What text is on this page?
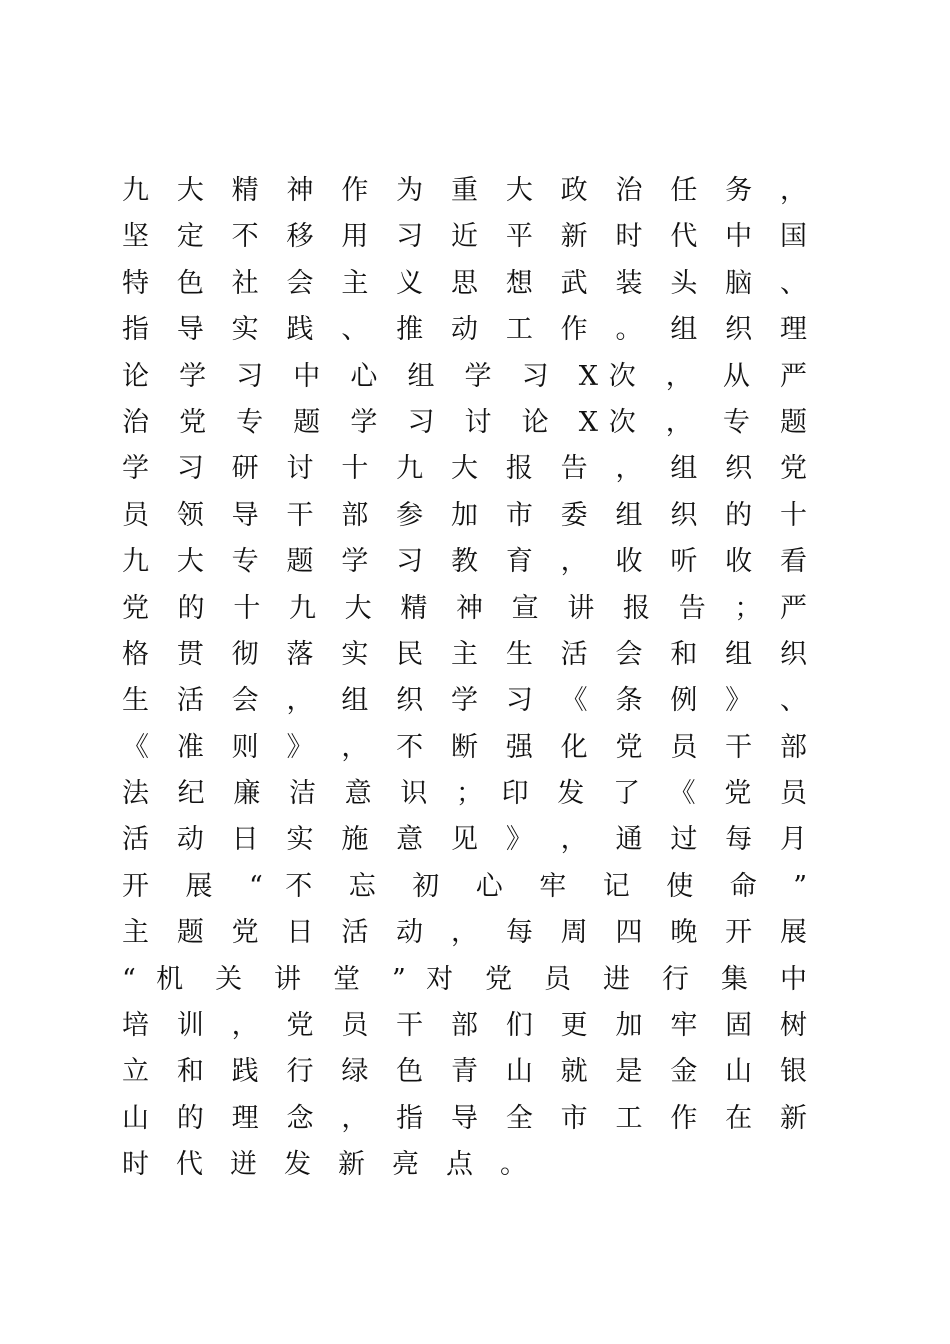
九 大 精 神 作 为 重 大 政 治 任 务 ，
坚 定 不 移 用 习 近 平 新 时 代 中 国
特 色 社 会 主 义 思 想 武 装 头 脑 、
指 导 实 践 、 推 动 工 作 。 组 织 理
论 学 习 中 心 组 学 习 X次 ， 从 严
治 党 专 题 学 习 讨 论 X次 ， 专 题
学 习 研 讨 十 九 大 报 告 ， 组 织 党
员 领 导 干 部 参 加 市 委 组 织 的 十
九 大 专 题 学 习 教 育 ， 收 听 收 看
党 的 十 九 大 精 神 宣 讲 报 告 ； 严
格 贯 彻 落 实 民 主 生 活 会 和 组 织
生 活 会 ， 组 织 学 习 《 条 例 》 、
《 准 则 》 ， 不 断 强 化 党 员 干 部
法 纪 廉 洁 意 识 ； 印 发 了 《 党 员
活 动 日 实 施 意 见 》 ， 通 过 每 月
开 展 “ 不 忘 初 心 牢 记 使 命 ”
主 题 党 日 活 动 ， 每 周 四 晚 开 展
“ 机 关 讲 堂 ” 对 党 员 进 行 集 中
培 训 ， 党 员 干 部 们 更 加 牢 固 树
立 和 践 行 绿 色 青 山 就 是 金 山 银
山 的 理 念 ， 指 导 全 市 工 作 在 新
时 代 迸 发 新 亮 点 。
